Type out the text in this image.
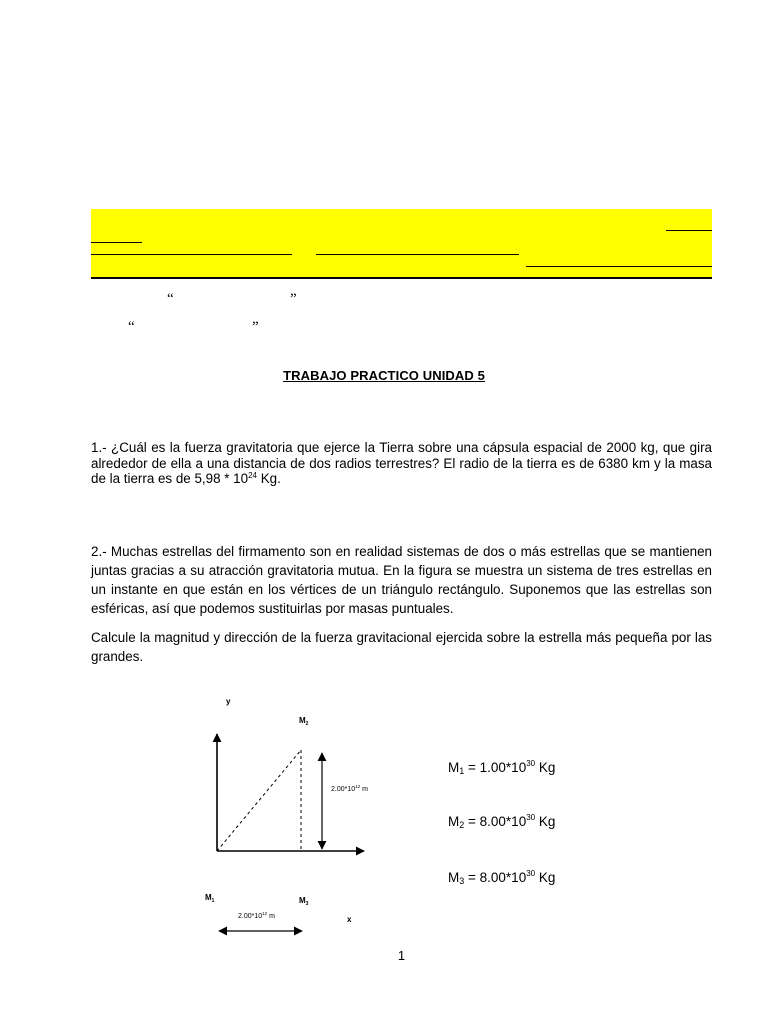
“	”
“	”
TRABAJO PRACTICO UNIDAD 5
1.- ¿Cuál es la fuerza gravitatoria que ejerce la Tierra sobre una cápsula espacial de 2000 kg, que gira alrededor de ella a una distancia de dos radios terrestres? El radio de la tierra es de 6380 km y la masa de la tierra es de $5,98 * 10^{24}$ Kg.
2.- Muchas estrellas del firmamento son en realidad sistemas de dos o más estrellas que se mantienen juntas gracias a su atracción gravitatoria mutua. En la figura se muestra un sistema de tres estrellas en un instante en que están en los vértices de un triángulo rectángulo. Suponemos que las estrellas son esféricas, así que podemos sustituirlas por masas puntuales.
Calcule la magnitud y dirección de la fuerza gravitacional ejercida sobre la estrella más pequeña por las grandes.
y
x
$M_2$
$M_1$	$M_3$
$2.00*10^{12}$ m
$2.00*10^{12}$ m
$M_1 = 1.00*10^{30}$ Kg
$M_2 = 8.00*10^{30}$ Kg
$M_3 = 8.00*10^{30}$ Kg
1
